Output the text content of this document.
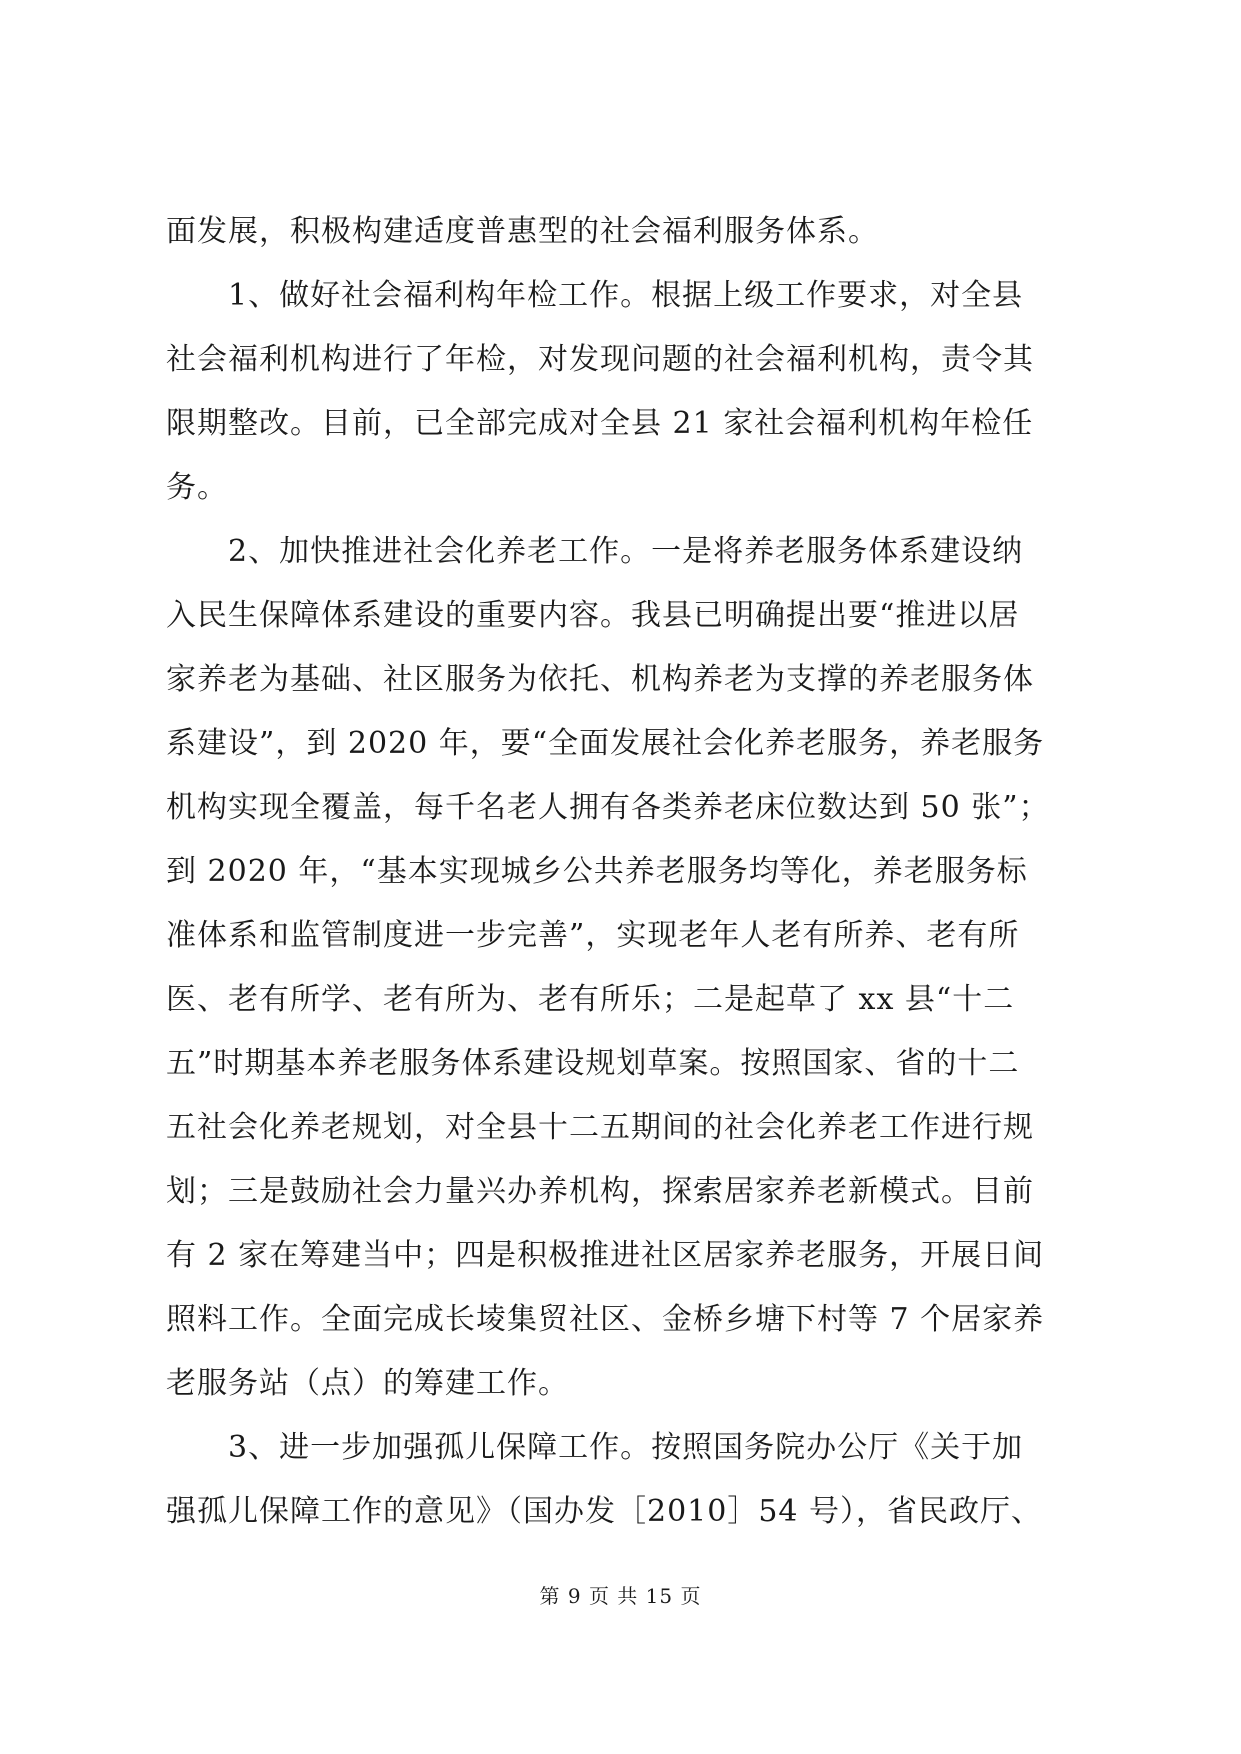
面发展，积极构建适度普惠型的社会福利服务体系。
　　1、做好社会福利构年检工作。根据上级工作要求，对全县
社会福利机构进行了年检，对发现问题的社会福利机构，责令其
限期整改。目前，已全部完成对全县 21 家社会福利机构年检任
务。
　　2、加快推进社会化养老工作。一是将养老服务体系建设纳
入民生保障体系建设的重要内容。我县已明确提出要“推进以居
家养老为基础、社区服务为依托、机构养老为支撑的养老服务体
系建设”，到 2020 年，要“全面发展社会化养老服务，养老服务
机构实现全覆盖，每千名老人拥有各类养老床位数达到 50 张”；
到 2020 年，“基本实现城乡公共养老服务均等化，养老服务标
准体系和监管制度进一步完善”，实现老年人老有所养、老有所
医、老有所学、老有所为、老有所乐；二是起草了 xx 县“十二
五”时期基本养老服务体系建设规划草案。按照国家、省的十二
五社会化养老规划，对全县十二五期间的社会化养老工作进行规
划；三是鼓励社会力量兴办养机构，探索居家养老新模式。目前
有 2 家在筹建当中；四是积极推进社区居家养老服务，开展日间
照料工作。全面完成长堎集贸社区、金桥乡塘下村等 7 个居家养
老服务站（点）的筹建工作。
　　3、进一步加强孤儿保障工作。按照国务院办公厅《关于加
强孤儿保障工作的意见》（国办发［2010］54 号），省民政厅、
第 9 页 共 15 页
